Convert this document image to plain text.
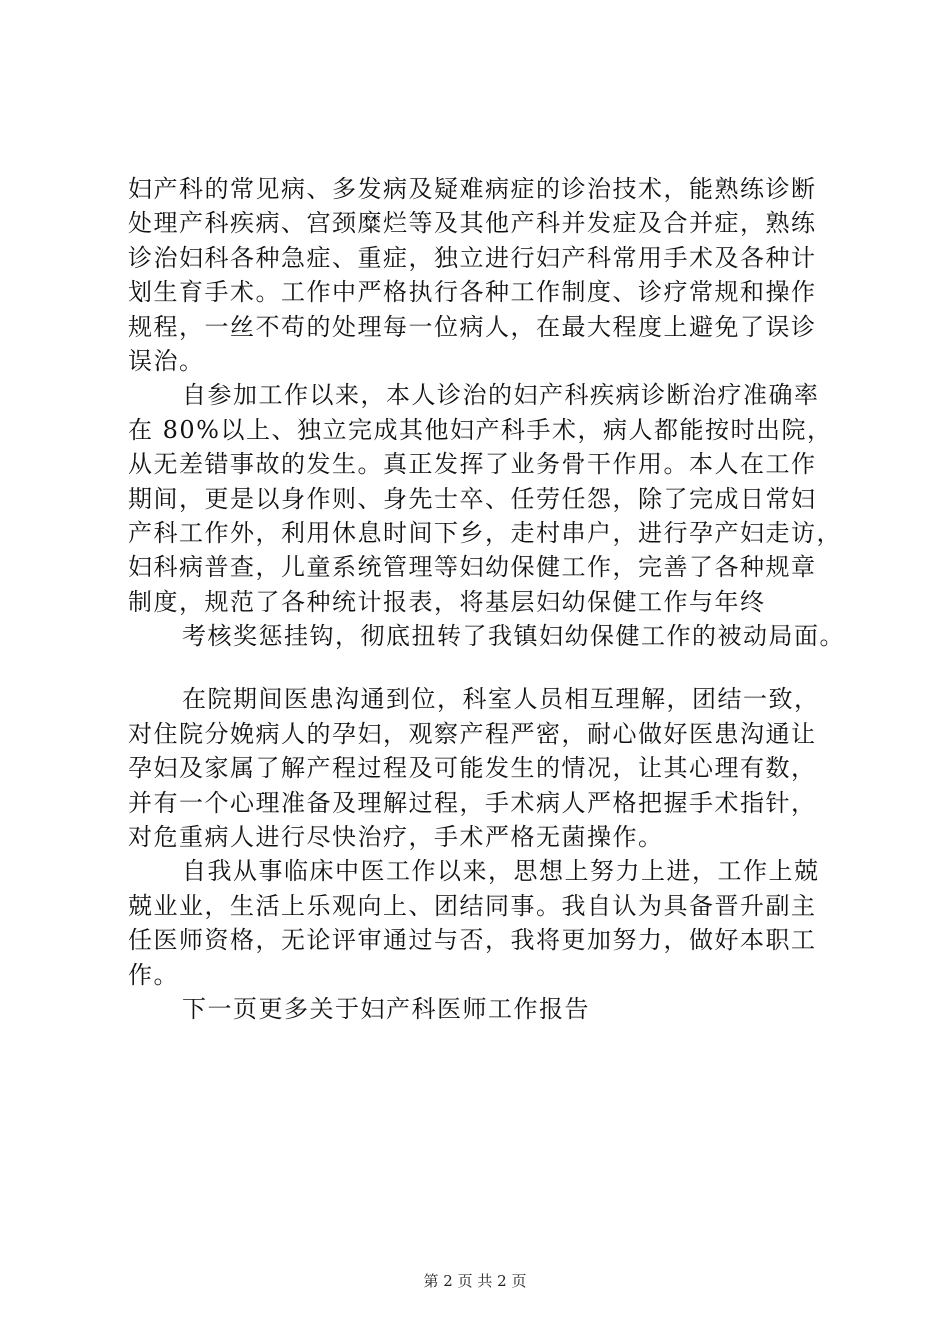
妇产科的常见病、多发病及疑难病症的诊治技术，能熟练诊断
处理产科疾病、宫颈糜烂等及其他产科并发症及合并症，熟练
诊治妇科各种急症、重症，独立进行妇产科常用手术及各种计
划生育手术。工作中严格执行各种工作制度、诊疗常规和操作
规程，一丝不苟的处理每一位病人，在最大程度上避免了误诊
误治。
自参加工作以来，本人诊治的妇产科疾病诊断治疗准确率
在 80%以上、独立完成其他妇产科手术，病人都能按时出院，
从无差错事故的发生。真正发挥了业务骨干作用。本人在工作
期间，更是以身作则、身先士卒、任劳任怨，除了完成日常妇
产科工作外，利用休息时间下乡，走村串户，进行孕产妇走访，
妇科病普查，儿童系统管理等妇幼保健工作，完善了各种规章
制度，规范了各种统计报表，将基层妇幼保健工作与年终
考核奖惩挂钩，彻底扭转了我镇妇幼保健工作的被动局面。
在院期间医患沟通到位，科室人员相互理解，团结一致，
对住院分娩病人的孕妇，观察产程严密，耐心做好医患沟通让
孕妇及家属了解产程过程及可能发生的情况，让其心理有数，
并有一个心理准备及理解过程，手术病人严格把握手术指针，
对危重病人进行尽快治疗，手术严格无菌操作。
自我从事临床中医工作以来，思想上努力上进，工作上兢
兢业业，生活上乐观向上、团结同事。我自认为具备晋升副主
任医师资格，无论评审通过与否，我将更加努力，做好本职工
作。
下一页更多关于妇产科医师工作报告
第 2 页 共 2 页
